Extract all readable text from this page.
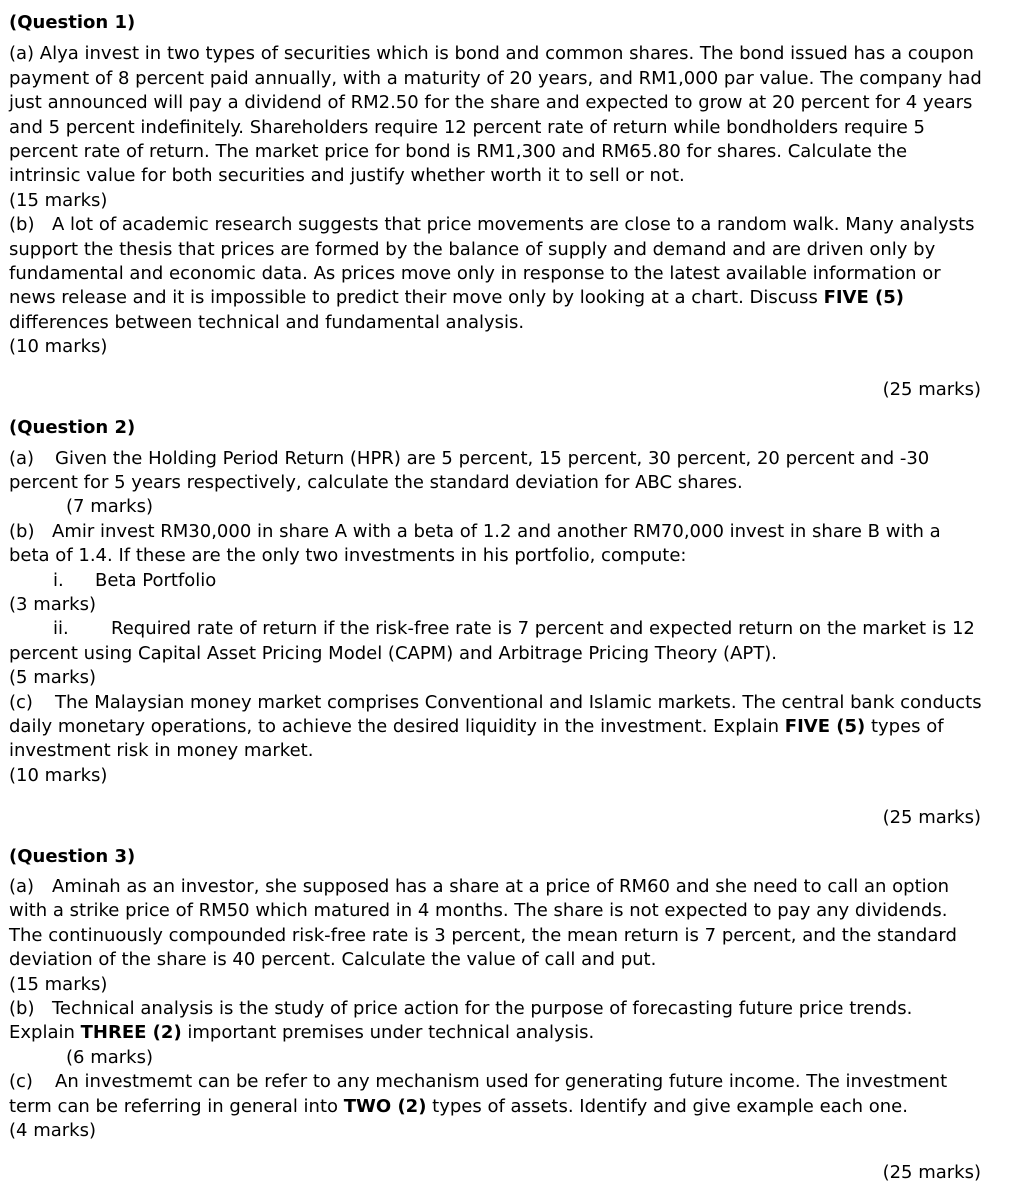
(Question 1)

(a) Alya invest in two types of securities which is bond and common shares. The bond issued has a coupon payment of 8 percent paid annually, with a maturity of 20 years, and RM1,000 par value. The company had just announced will pay a dividend of RM2.50 for the share and expected to grow at 20 percent for 4 years and 5 percent indefinitely. Shareholders require 12 percent rate of return while bondholders require 5 percent rate of return. The market price for bond is RM1,300 and RM65.80 for shares. Calculate the intrinsic value for both securities and justify whether worth it to sell or not.

(15 marks)

(b) A lot of academic research suggests that price movements are close to a random walk. Many analysts support the thesis that prices are formed by the balance of supply and demand and are driven only by fundamental and economic data. As prices move only in response to the latest available information or news release and it is impossible to predict their move only by looking at a chart. Discuss FIVE (5) differences between technical and fundamental analysis.

(10 marks)
(25 marks)
(Question 2)

(a) Given the Holding Period Return (HPR) are 5 percent, 15 percent, 30 percent, 20 percent and -30 percent for 5 years respectively, calculate the standard deviation for ABC shares.

(7 marks)

(b) Amir invest RM30,000 in share A with a beta of 1.2 and another RM70,000 invest in share B with a beta of 1.4. If these are the only two investments in his portfolio, compute:

i. Beta Portfolio
(3 marks)

ii. Required rate of return if the risk-free rate is 7 percent and expected return on the market is 12 percent using Capital Asset Pricing Model (CAPM) and Arbitrage Pricing Theory (APT).

(5 marks)

(c) The Malaysian money market comprises Conventional and Islamic markets. The central bank conducts daily monetary operations, to achieve the desired liquidity in the investment. Explain FIVE (5) types of investment risk in money market.

(10 marks)
(25 marks)
(Question 3)

(a) Aminah as an investor, she supposed has a share at a price of RM60 and she need to call an option with a strike price of RM50 which matured in 4 months. The share is not expected to pay any dividends. The continuously compounded risk-free rate is 3 percent, the mean return is 7 percent, and the standard deviation of the share is 40 percent. Calculate the value of call and put.

(15 marks)

(b) Technical analysis is the study of price action for the purpose of forecasting future price trends. Explain THREE (2) important premises under technical analysis.

(6 marks)

(c) An investmemt can be refer to any mechanism used for generating future income. The investment term can be referring in general into TWO (2) types of assets. Identify and give example each one.

(4 marks)
(25 marks)
